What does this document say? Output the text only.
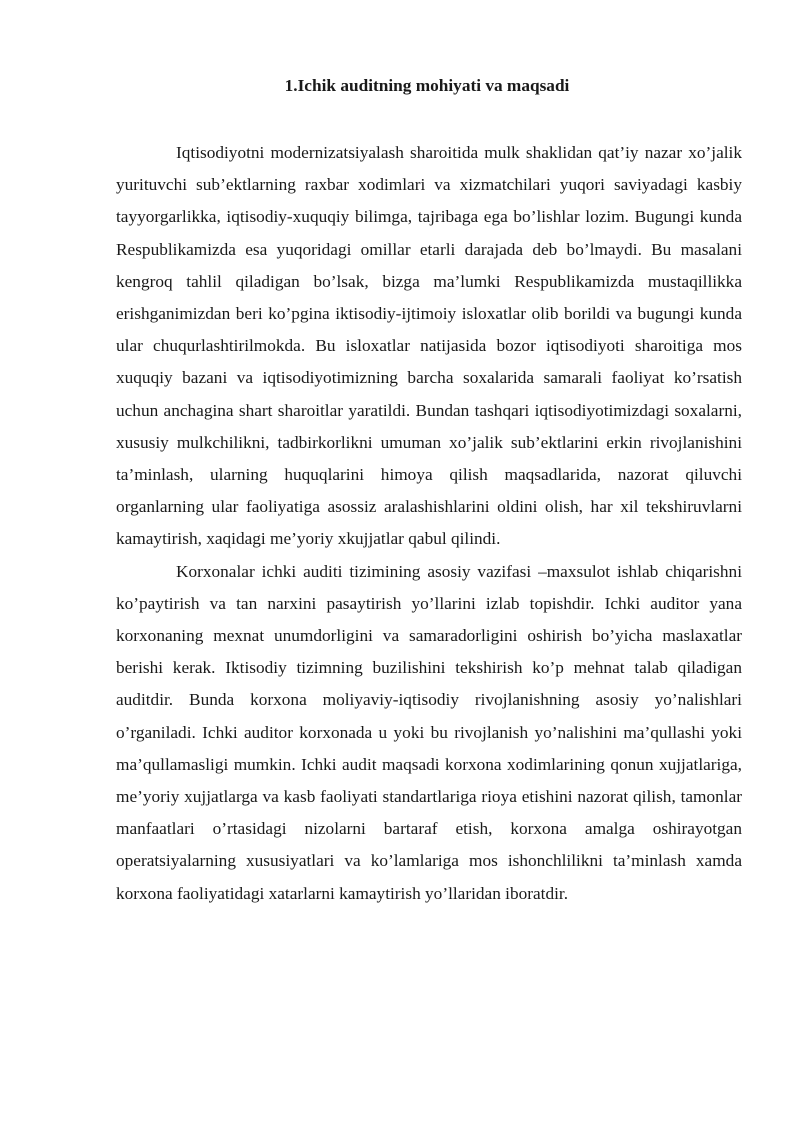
1.Ichik auditning mohiyati va maqsadi

Iqtisodiyotni modernizatsiyalash sharoitida mulk shaklidan qat’iy nazar xo’jalik yurituvchi sub’ektlarning raxbar xodimlari va xizmatchilari yuqori saviyadagi kasbiy tayyorgarlikka, iqtisodiy-xuquqiy bilimga, tajribaga ega bo’lishlar lozim. Bugungi kunda Respublikamizda esa yuqoridagi omillar etarli darajada deb bo’lmaydi. Bu masalani kengroq tahlil qiladigan bo’lsak, bizga ma’lumki Respublikamizda mustaqillikka erishganimizdan beri ko’pgina iktisodiy-ijtimoiy isloxatlar olib borildi va bugungi kunda ular chuqurlashtirilmokda. Bu isloxatlar natijasida bozor iqtisodiyoti sharoitiga mos xuquqiy bazani va iqtisodiyotimizning barcha soxalarida samarali faoliyat ko’rsatish uchun anchagina shart sharoitlar yaratildi. Bundan tashqari iqtisodiyotimizdagi soxalarni, xususiy mulkchilikni, tadbirkorlikni umuman xo’jalik sub’ektlarini erkin rivojlanishini ta’minlash, ularning huquqlarini himoya qilish maqsadlarida, nazorat qiluvchi organlarning ular faoliyatiga asossiz aralashishlarini oldini olish, har xil tekshiruvlarni kamaytirish, xaqidagi me’yoriy xkujjatlar qabul qilindi.

Korxonalar ichki auditi tizimining asosiy vazifasi –maxsulot ishlab chiqarishni ko’paytirish va tan narxini pasaytirish yo’llarini izlab topishdir. Ichki auditor yana korxonaning mexnat unumdorligini va samaradorligini oshirish bo’yicha maslaxatlar berishi kerak. Iktisodiy tizimning buzilishini tekshirish ko’p mehnat talab qiladigan auditdir. Bunda korxona moliyaviy-iqtisodiy rivojlanishning asosiy yo’nalishlari o’rganiladi. Ichki auditor korxonada u yoki bu rivojlanish yo’nalishini ma’qullashi yoki ma’qullamasligi mumkin. Ichki audit maqsadi korxona xodimlarining qonun xujjatlariga, me’yoriy xujjatlarga va kasb faoliyati standartlariga rioya etishini nazorat qilish, tamonlar manfaatlari o’rtasidagi nizolarni bartaraf etish, korxona amalga oshirayotgan operatsiyalarning xususiyatlari va ko’lamlariga mos ishonchlilikni ta’minlash xamda korxona faoliyatidagi xatarlarni kamaytirish yo’llaridan iboratdir.
